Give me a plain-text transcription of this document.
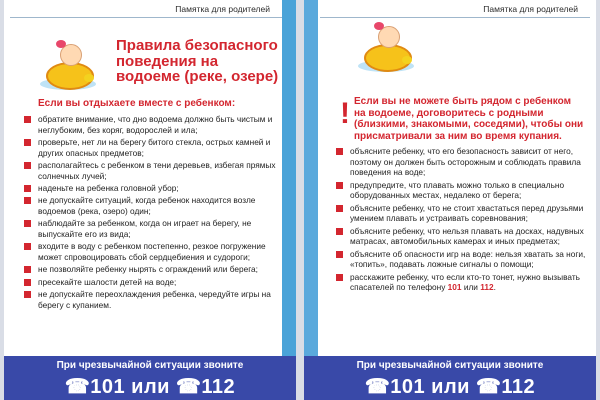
Памятка для родителей
Правила безопасного поведения на водоеме (реке, озере)
Если вы отдыхаете вместе с ребенком:
обратите внимание, что дно водоема должно быть чистым и неглубоким, без коряг, водорослей и ила;
проверьте, нет ли на берегу битого стекла, острых камней и других опасных предметов;
располагайтесь с ребенком в тени деревьев, избегая прямых солнечных лучей;
наденьте на ребенка головной убор;
не допускайте ситуаций, когда ребенок находится возле водоемов (река, озеро) один;
наблюдайте за ребенком, когда он играет на берегу, не выпускайте его из вида;
входите в воду с ребенком постепенно, резкое погружение может спровоцировать сбой сердцебиения и судороги;
не позволяйте ребенку нырять с ограждений или берега;
пресекайте шалости детей на воде;
не допускайте переохлаждения ребенка, чередуйте игры на берегу с купанием.
При чрезвычайной ситуации звоните
☎101 или ☎112
Памятка для родителей
! Если вы не можете быть рядом с ребенком на водоеме, договоритесь с родными (близкими, знакомыми, соседями), чтобы они присматривали за ним во время купания.
объясните ребенку, что его безопасность зависит от него, поэтому он должен быть осторожным и соблюдать правила поведения на воде;
предупредите, что плавать можно только в специально оборудованных местах, недалеко от берега;
объясните ребенку, что не стоит хвастаться перед друзьями умением плавать и устраивать соревнования;
объясните ребенку, что нельзя плавать на досках, надувных матрасах, автомобильных камерах и иных предметах;
объясните об опасности игр на воде: нельзя хватать за ноги, «топить», подавать ложные сигналы о помощи;
расскажите ребенку, что если кто-то тонет, нужно вызывать спасателей по телефону 101 или 112.
При чрезвычайной ситуации звоните
☎101 или ☎112
